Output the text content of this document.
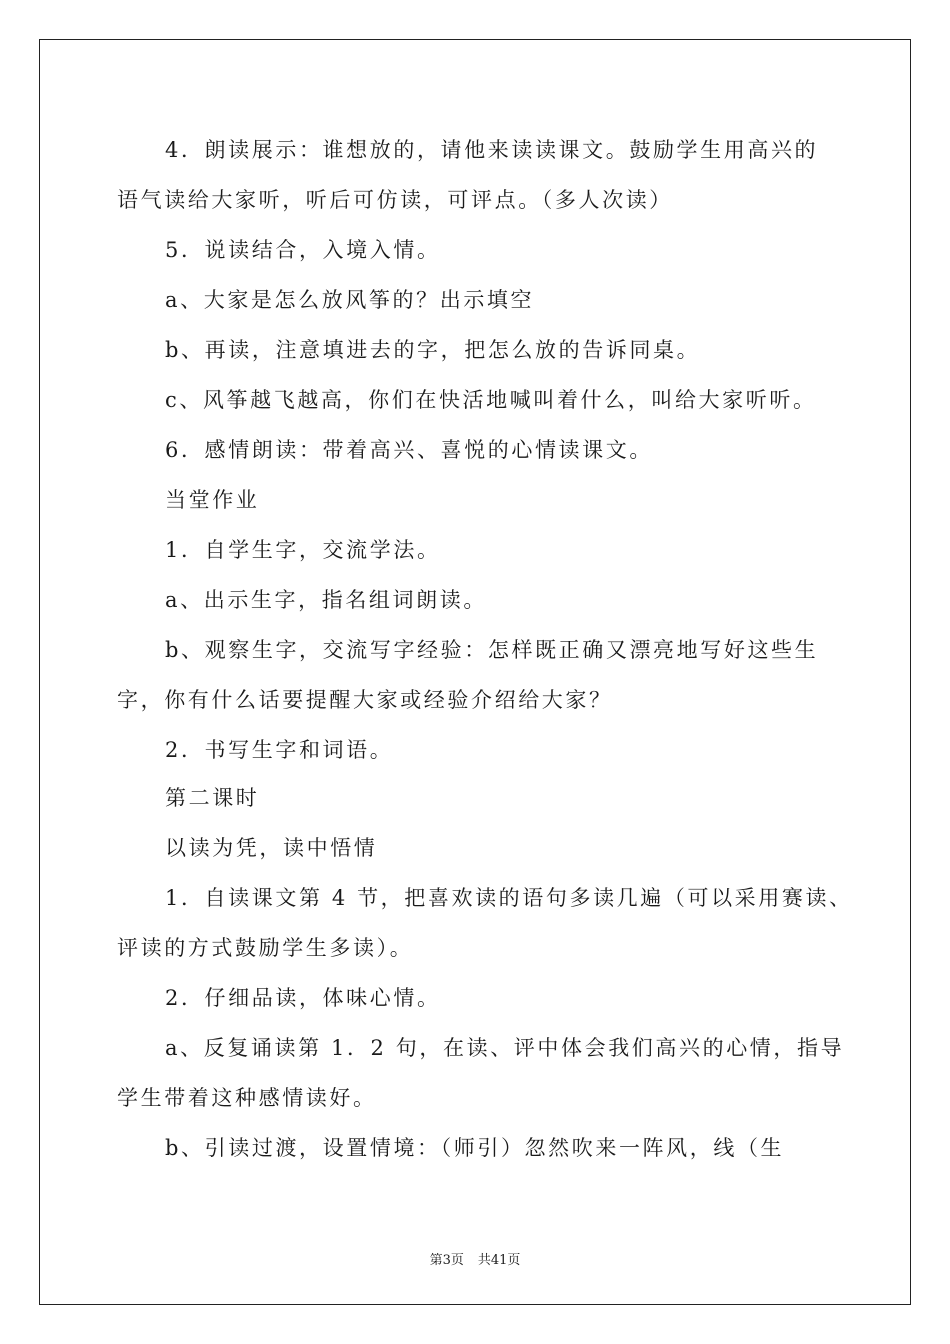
4．朗读展示：谁想放的，请他来读读课文。鼓励学生用高兴的
语气读给大家听，听后可仿读，可评点。（多人次读）
5．说读结合，入境入情。
a、大家是怎么放风筝的？出示填空
b、再读，注意填进去的字，把怎么放的告诉同桌。
c、风筝越飞越高，你们在快活地喊叫着什么，叫给大家听听。
6．感情朗读：带着高兴、喜悦的心情读课文。
当堂作业
1．自学生字，交流学法。
a、出示生字，指名组词朗读。
b、观察生字，交流写字经验：怎样既正确又漂亮地写好这些生
字，你有什么话要提醒大家或经验介绍给大家？
2．书写生字和词语。
第二课时
以读为凭，读中悟情
1．自读课文第 4 节，把喜欢读的语句多读几遍（可以采用赛读、
评读的方式鼓励学生多读）。
2．仔细品读，体味心情。
a、反复诵读第 1．2 句，在读、评中体会我们高兴的心情，指导
学生带着这种感情读好。
b、引读过渡，设置情境：（师引）忽然吹来一阵风，线（生
第3页 共41页
